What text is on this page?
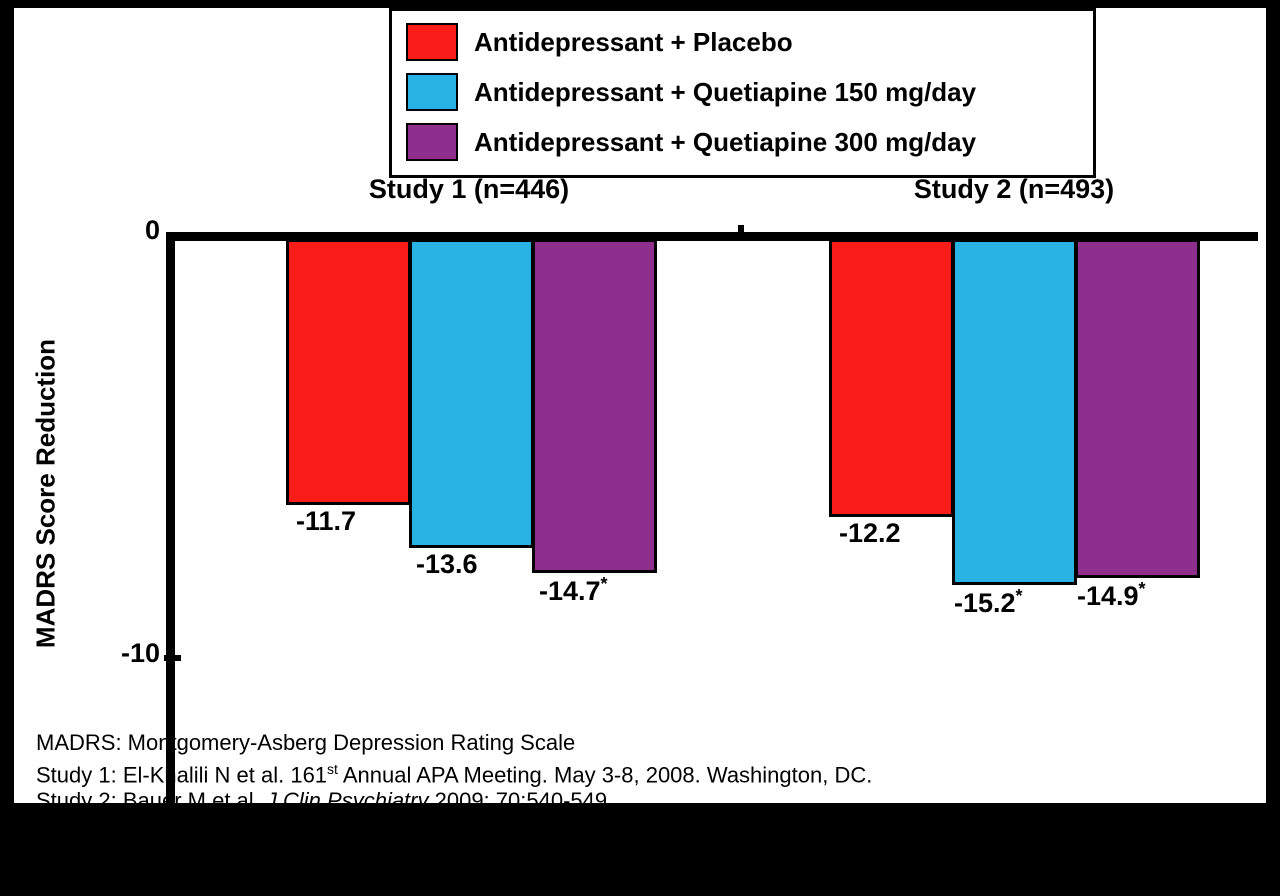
Antidepressant + Placebo
Antidepressant + Quetiapine 150 mg/day
Antidepressant + Quetiapine 300 mg/day
MADRS Score Reduction
0
-10
-20
Study 1 (n=446)	Study 2 (n=493)
-11.7
-13.6
-14.7*
-12.2
-15.2* -14.9*
*p<0.05 vs placebo
MADRS: Montgomery-Asberg Depression Rating Scale
Study 1: El-Khalili N et al. 161st Annual APA Meeting. May 3-8, 2008. Washington, DC.
Study 2: Bauer M et al. J Clin Psychiatry 2009; 70:540-549.
